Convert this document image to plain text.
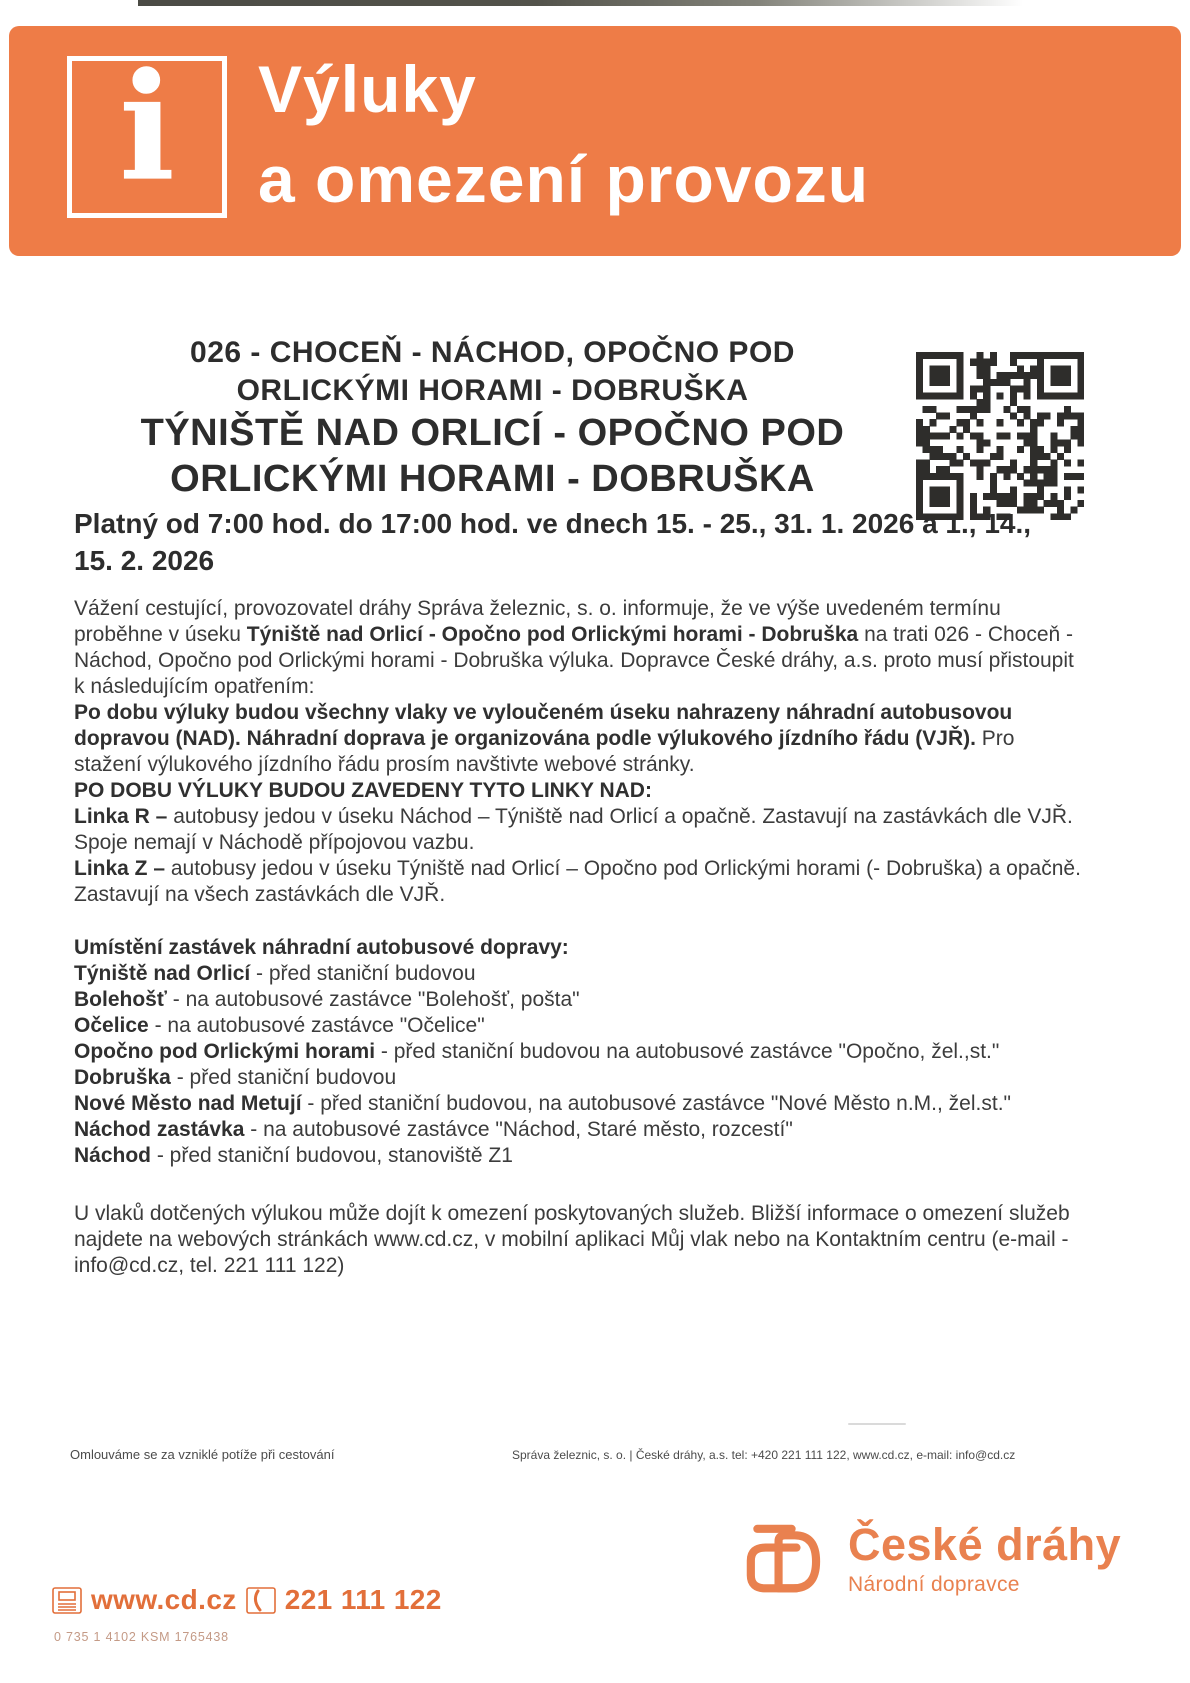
i Výluky
a omezení provozu
026 - CHOCEŇ - NÁCHOD, OPOČNO POD
ORLICKÝMI HORAMI - DOBRUŠKA
TÝNIŠTĚ NAD ORLICÍ - OPOČNO POD
ORLICKÝMI HORAMI - DOBRUŠKA
Platný od 7:00 hod. do 17:00 hod. ve dnech 15. - 25., 31. 1. 2026 a 1., 14., 15. 2. 2026

Vážení cestující, provozovatel dráhy Správa železnic, s. o. informuje, že ve výše uvedeném termínu proběhne v úseku Týniště nad Orlicí - Opočno pod Orlickými horami - Dobruška na trati 026 - Choceň - Náchod, Opočno pod Orlickými horami - Dobruška výluka. Dopravce České dráhy, a.s. proto musí přistoupit k následujícím opatřením:

Po dobu výluky budou všechny vlaky ve vyloučeném úseku nahrazeny náhradní autobusovou dopravou (NAD). Náhradní doprava je organizována podle výlukového jízdního řádu (VJŘ). Pro stažení výlukového jízdního řádu prosím navštivte webové stránky.

PO DOBU VÝLUKY BUDOU ZAVEDENY TYTO LINKY NAD:

Linka R – autobusy jedou v úseku Náchod – Týniště nad Orlicí a opačně. Zastavují na zastávkách dle VJŘ. Spoje nemají v Náchodě přípojovou vazbu.

Linka Z – autobusy jedou v úseku Týniště nad Orlicí – Opočno pod Orlickými horami (- Dobruška) a opačně. Zastavují na všech zastávkách dle VJŘ.

Umístění zastávek náhradní autobusové dopravy:

Týniště nad Orlicí - před staniční budovou

Bolehošť - na autobusové zastávce "Bolehošť, pošta"

Očelice - na autobusové zastávce "Očelice"

Opočno pod Orlickými horami - před staniční budovou na autobusové zastávce "Opočno, žel.,st."

Dobruška - před staniční budovou

Nové Město nad Metují - před staniční budovou, na autobusové zastávce "Nové Město n.M., žel.st."

Náchod zastávka - na autobusové zastávce "Náchod, Staré město, rozcestí"

Náchod - před staniční budovou, stanoviště Z1

U vlaků dotčených výlukou může dojít k omezení poskytovaných služeb. Bližší informace o omezení služeb najdete na webových stránkách www.cd.cz, v mobilní aplikaci Můj vlak nebo na Kontaktním centru (e-mail - info@cd.cz, tel. 221 111 122)

Omlouváme se za vzniklé potíže při cestování	Správa železnic, s. o. | České dráhy, a.s. tel: +420 221 111 122, www.cd.cz, e-mail: info@cd.cz
České dráhy
Národní dopravce
www.cd.cz 221 111 122
0 735 1 4102 KSM 1765438
